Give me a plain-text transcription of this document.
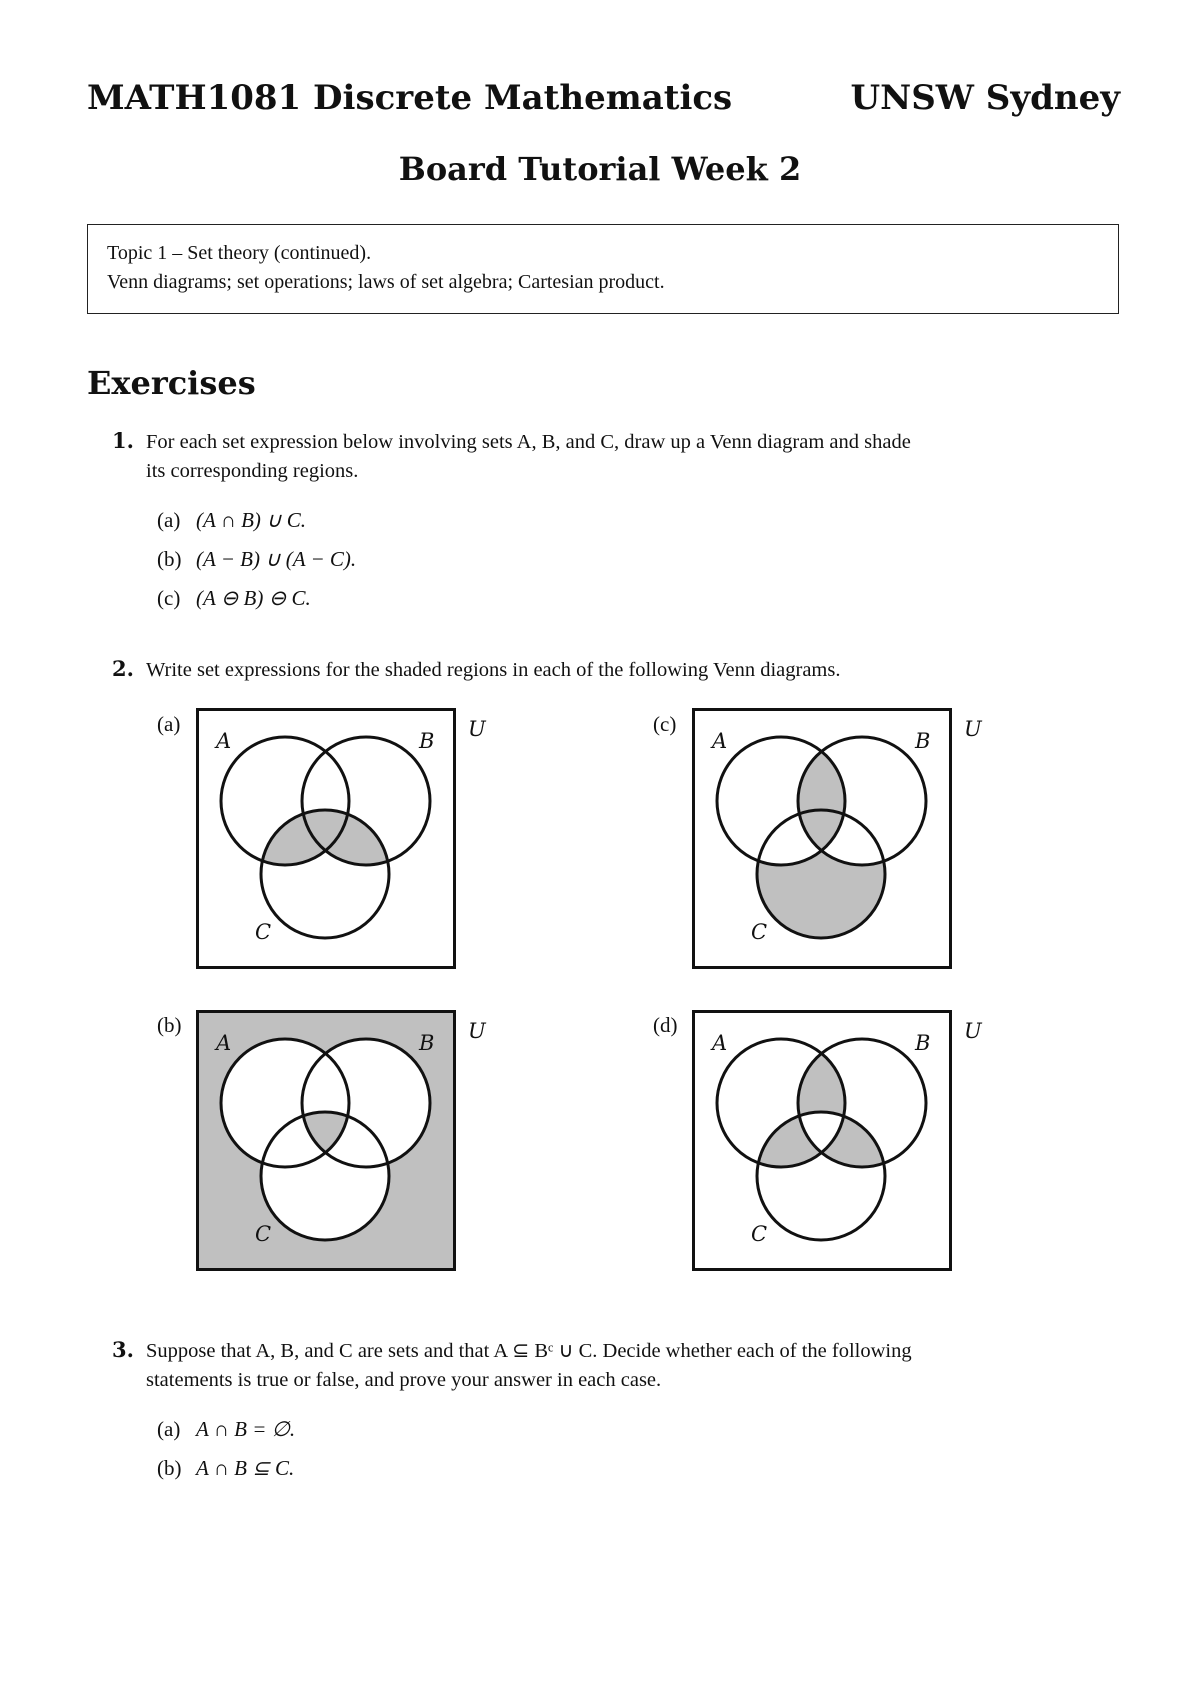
MATH1081 Discrete Mathematics	UNSW Sydney
Board Tutorial Week 2
Topic 1 – Set theory (continued).
Venn diagrams; set operations; laws of set algebra; Cartesian product.
Exercises
1. For each set expression below involving sets A, B, and C, draw up a Venn diagram and shade
its corresponding regions.
(a) (A ∩ B) ∪ C.
(b) (A − B) ∪ (A − C).
(c) (A ⊖ B) ⊖ C.
2. Write set expressions for the shaded regions in each of the following Venn diagrams.
(a)	(c)
(b)	(d)
A	B
C
U	A	B
C
U
A	B
C
U	A	B
C
U
3. Suppose that A, B, and C are sets and that A ⊆ Bᶜ ∪ C. Decide whether each of the following
statements is true or false, and prove your answer in each case.
(a) A ∩ B = ∅.
(b) A ∩ B ⊆ C.
